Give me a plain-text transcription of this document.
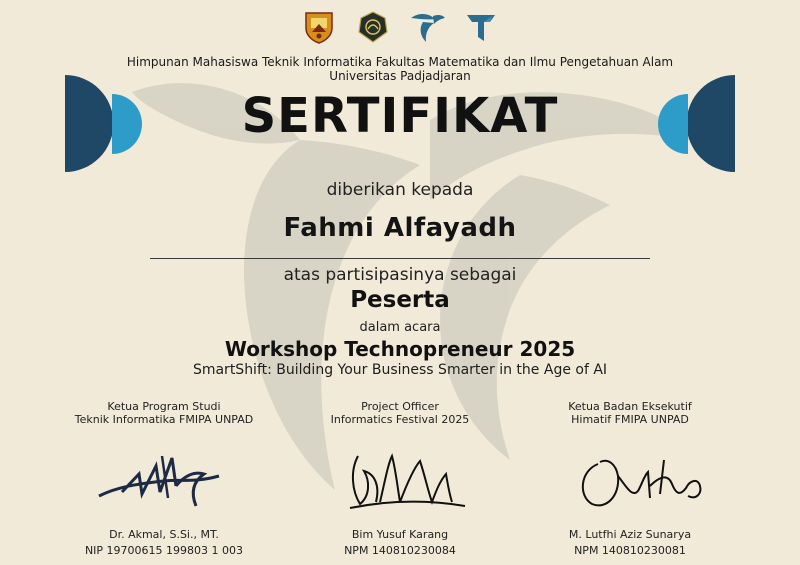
Himpunan Mahasiswa Teknik Informatika Fakultas Matematika dan Ilmu Pengetahuan Alam
Universitas Padjadjaran
SERTIFIKAT
diberikan kepada
Fahmi Alfayadh
atas partisipasinya sebagai
Peserta
dalam acara
Workshop Technopreneur 2025
SmartShift: Building Your Business Smarter in the Age of AI
Ketua Program Studi
Teknik Informatika FMIPA UNPAD
Dr. Akmal, S.Si., MT.
NIP 19700615 199803 1 003
Project Officer
Informatics Festival 2025
Bim Yusuf Karang
NPM 140810230084
Ketua Badan Eksekutif
Himatif FMIPA UNPAD
M. Lutfhi Aziz Sunarya
NPM 140810230081
